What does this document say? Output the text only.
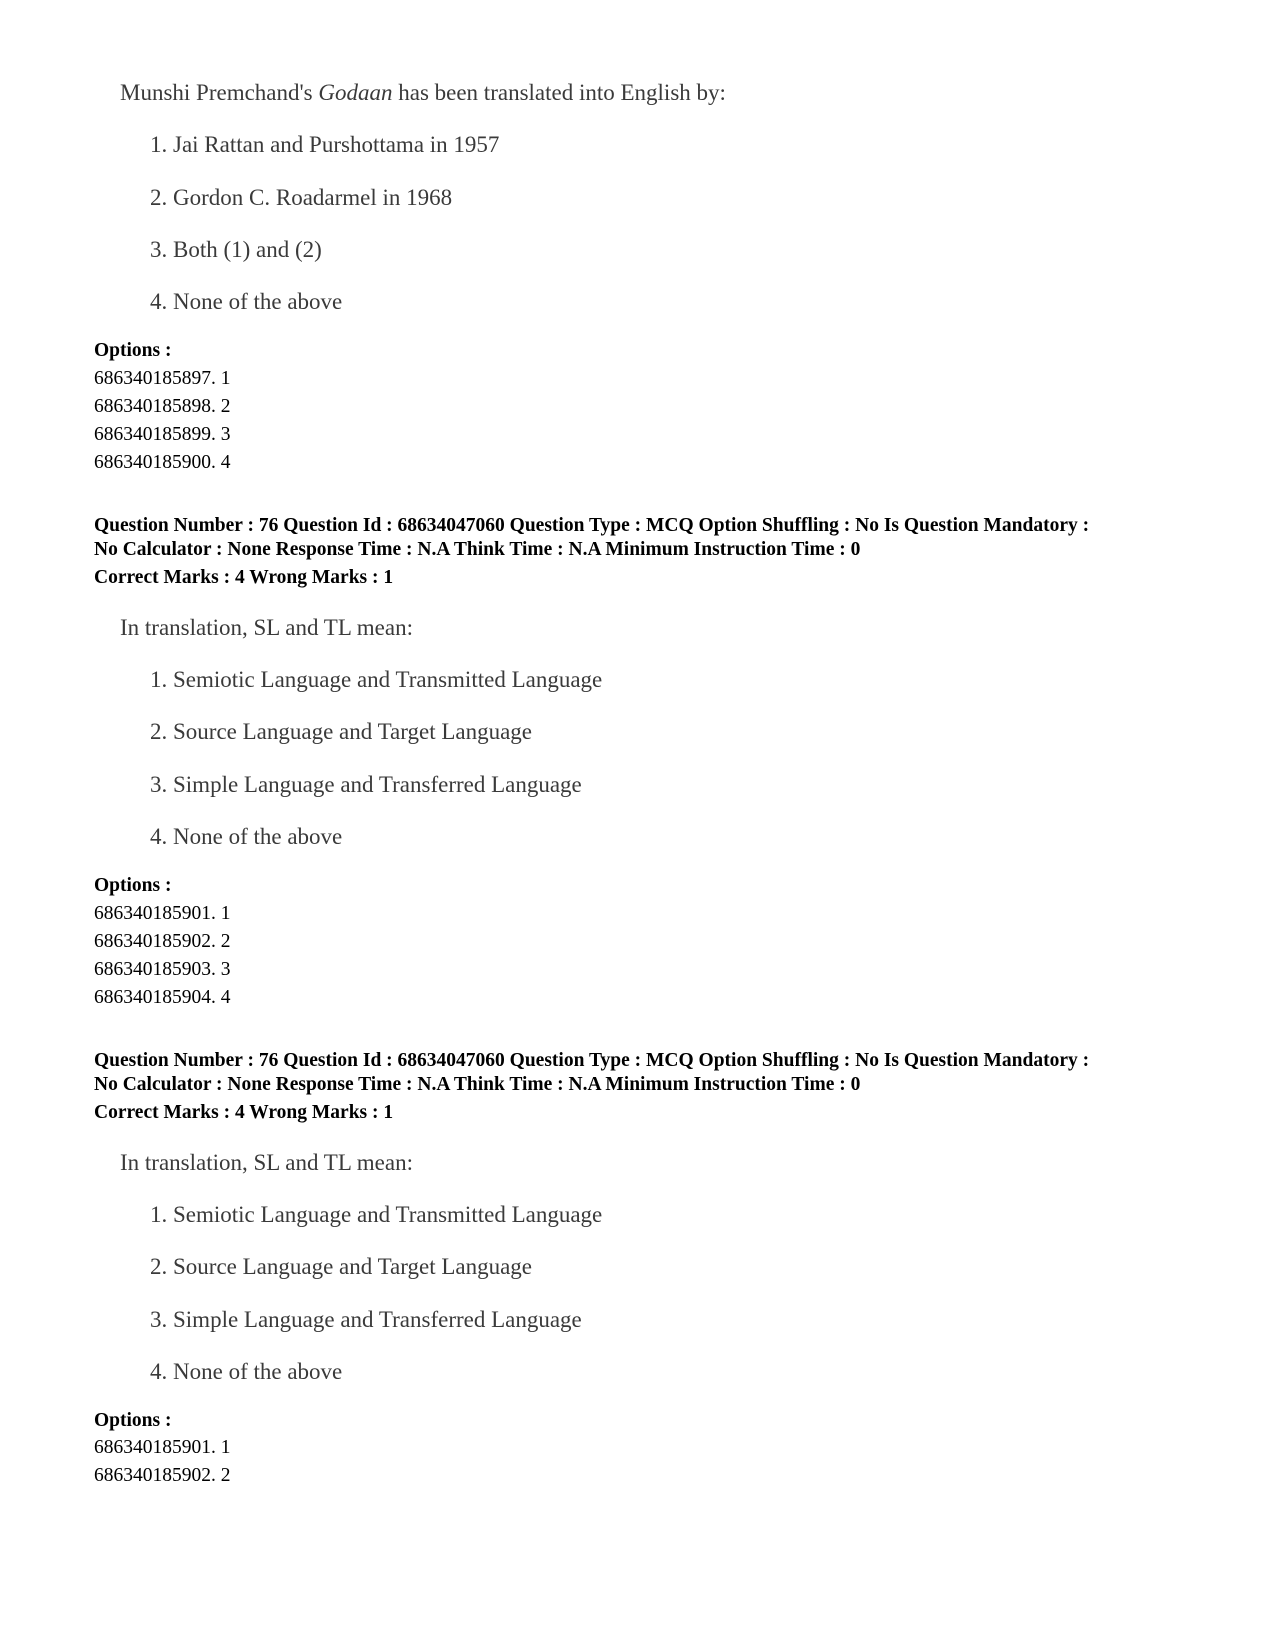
Munshi Premchand's Godaan has been translated into English by:
1. Jai Rattan and Purshottama in 1957
2. Gordon C. Roadarmel in 1968
3. Both (1) and (2)
4. None of the above
Options :
686340185897. 1
686340185898. 2
686340185899. 3
686340185900. 4
Question Number : 76 Question Id : 68634047060 Question Type : MCQ Option Shuffling : No Is Question Mandatory :
No Calculator : None Response Time : N.A Think Time : N.A Minimum Instruction Time : 0
Correct Marks : 4 Wrong Marks : 1
In translation, SL and TL mean:
1. Semiotic Language and Transmitted Language
2. Source Language and Target Language
3. Simple Language and Transferred Language
4. None of the above
Options :
686340185901. 1
686340185902. 2
686340185903. 3
686340185904. 4
Question Number : 76 Question Id : 68634047060 Question Type : MCQ Option Shuffling : No Is Question Mandatory :
No Calculator : None Response Time : N.A Think Time : N.A Minimum Instruction Time : 0
Correct Marks : 4 Wrong Marks : 1
In translation, SL and TL mean:
1. Semiotic Language and Transmitted Language
2. Source Language and Target Language
3. Simple Language and Transferred Language
4. None of the above
Options :
686340185901. 1
686340185902. 2
